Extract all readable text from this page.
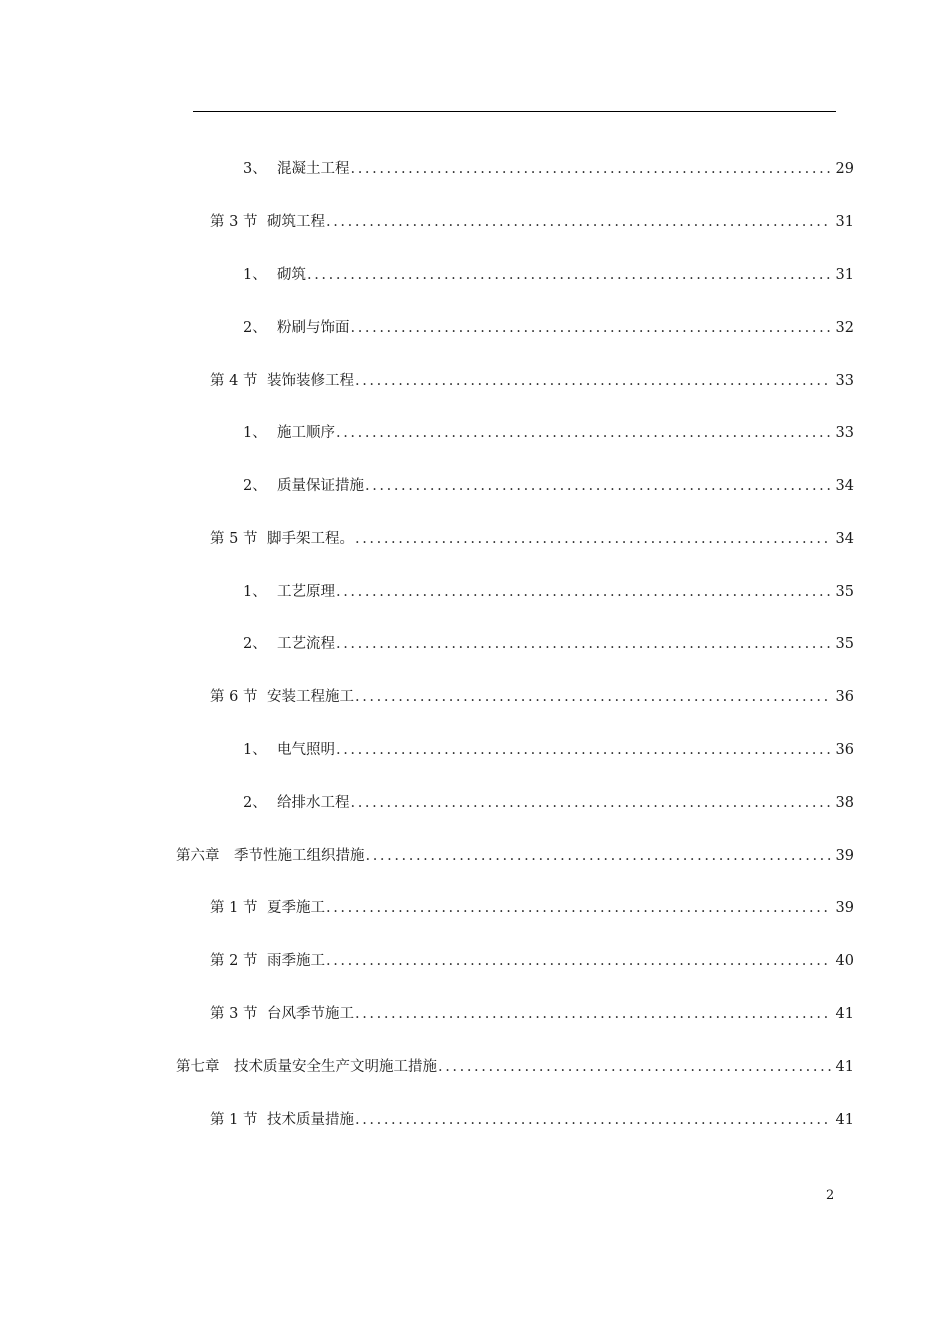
3、 混凝土工程 .....	29
第 3 节 砌筑工程 .....	31
1、 砌筑 .....	31
2、 粉刷与饰面 .....	32
第 4 节 装饰装修工程 .....	33
1、 施工顺序 .....	33
2、 质量保证措施 .....	34
第 5 节 脚手架工程。 .....	34
1、 工艺原理 .....	35
2、 工艺流程 .....	35
第 6 节 安装工程施工 .....	36
1、 电气照明 .....	36
2、 给排水工程 .....	38
第六章	季节性施工组织措施 .....	39
第 1 节 夏季施工 .....	39
第 2 节 雨季施工 .....	40
第 3 节 台风季节施工 .....	41
第七章	技术质量安全生产文明施工措施 .....	41
第 1 节 技术质量措施 .....	41
2
